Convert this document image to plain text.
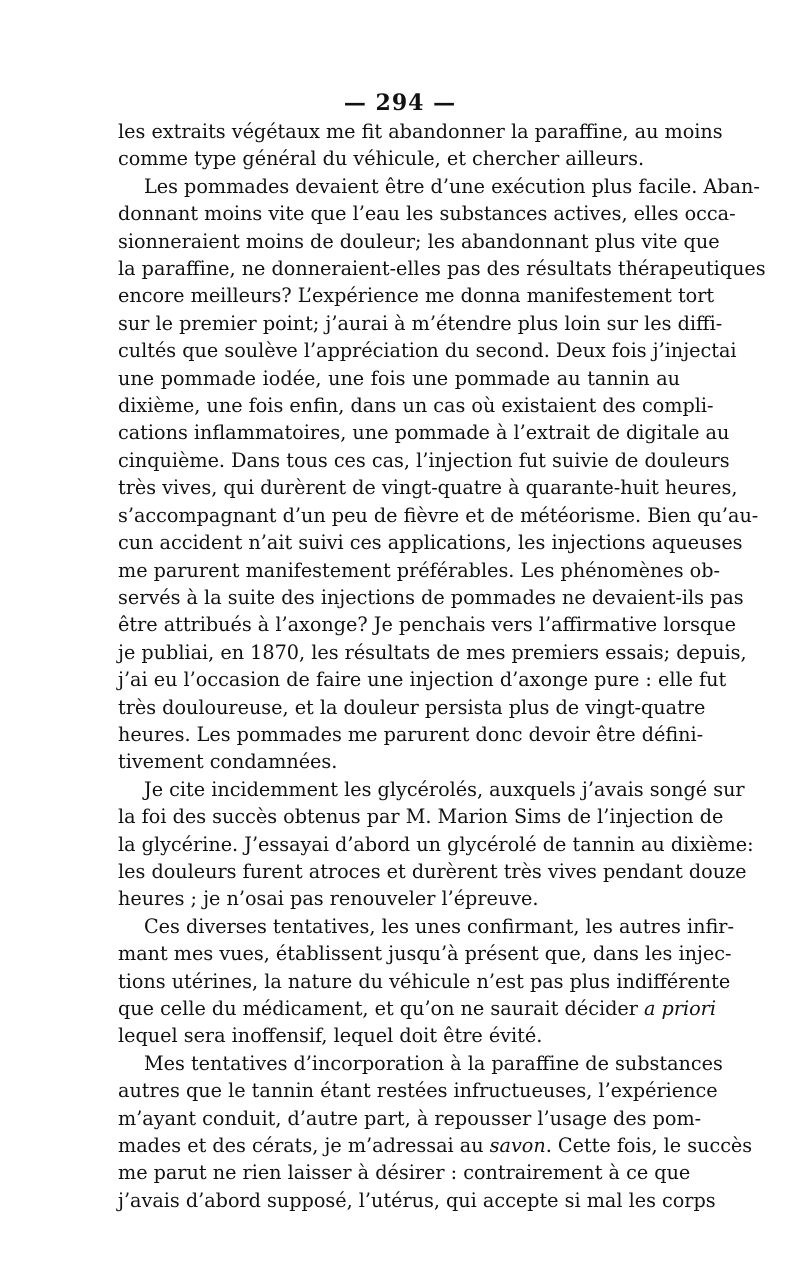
— 294 —
les extraits végétaux me fit abandonner la paraffine, au moins
comme type général du véhicule, et chercher ailleurs.
Les pommades devaient être d’une exécution plus facile. Aban-
donnant moins vite que l’eau les substances actives, elles occa-
sionneraient moins de douleur; les abandonnant plus vite que
la paraffine, ne donneraient-elles pas des résultats thérapeutiques
encore meilleurs? L’expérience me donna manifestement tort
sur le premier point; j’aurai à m’étendre plus loin sur les diffi-
cultés que soulève l’appréciation du second. Deux fois j’injectai
une pommade iodée, une fois une pommade au tannin au
dixième, une fois enfin, dans un cas où existaient des compli-
cations inflammatoires, une pommade à l’extrait de digitale au
cinquième. Dans tous ces cas, l’injection fut suivie de douleurs
très vives, qui durèrent de vingt-quatre à quarante-huit heures,
s’accompagnant d’un peu de fièvre et de météorisme. Bien qu’au-
cun accident n’ait suivi ces applications, les injections aqueuses
me parurent manifestement préférables. Les phénomènes ob-
servés à la suite des injections de pommades ne devaient-ils pas
être attribués à l’axonge? Je penchais vers l’affirmative lorsque
je publiai, en 1870, les résultats de mes premiers essais; depuis,
j’ai eu l’occasion de faire une injection d’axonge pure : elle fut
très douloureuse, et la douleur persista plus de vingt-quatre
heures. Les pommades me parurent donc devoir être défini-
tivement condamnées.
Je cite incidemment les glycérolés, auxquels j’avais songé sur
la foi des succès obtenus par M. Marion Sims de l’injection de
la glycérine. J’essayai d’abord un glycérolé de tannin au dixième:
les douleurs furent atroces et durèrent très vives pendant douze
heures ; je n’osai pas renouveler l’épreuve.
Ces diverses tentatives, les unes confirmant, les autres infir-
mant mes vues, établissent jusqu’à présent que, dans les injec-
tions utérines, la nature du véhicule n’est pas plus indifférente
que celle du médicament, et qu’on ne saurait décider a priori
lequel sera inoffensif, lequel doit être évité.
Mes tentatives d’incorporation à la paraffine de substances
autres que le tannin étant restées infructueuses, l’expérience
m’ayant conduit, d’autre part, à repousser l’usage des pom-
mades et des cérats, je m’adressai au savon. Cette fois, le succès
me parut ne rien laisser à désirer : contrairement à ce que
j’avais d’abord supposé, l’utérus, qui accepte si mal les corps
